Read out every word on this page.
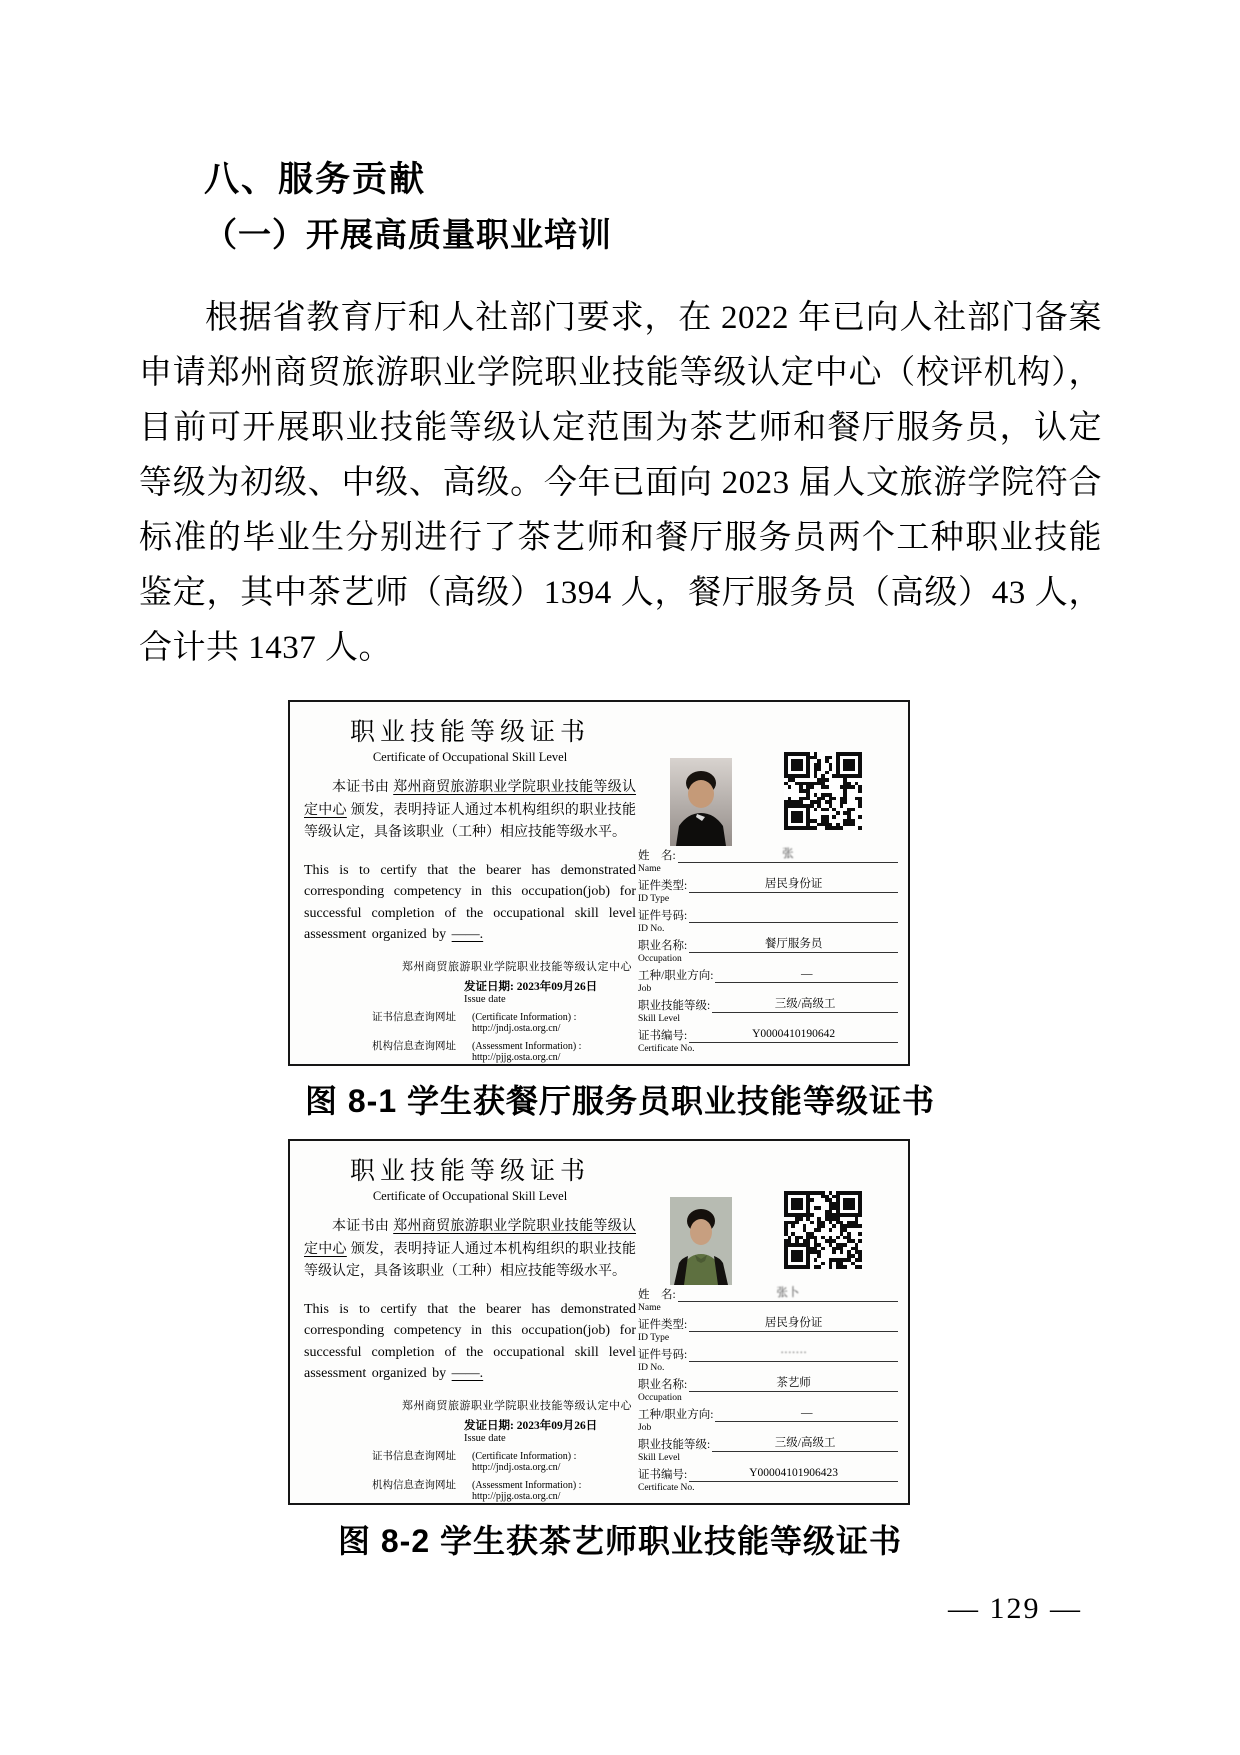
八、服务贡献
（一）开展高质量职业培训

根据省教育厅和人社部门要求，在 2022 年已向人社部门备案申请郑州商贸旅游职业学院职业技能等级认定中心（校评机构），目前可开展职业技能等级认定范围为茶艺师和餐厅服务员，认定等级为初级、中级、高级。今年已面向 2023 届人文旅游学院符合标准的毕业生分别进行了茶艺师和餐厅服务员两个工种职业技能鉴定，其中茶艺师（高级）1394 人，餐厅服务员（高级）43 人，合计共 1437 人。

职业技能等级证书
Certificate of Occupational Skill Level

本证书由 郑州商贸旅游职业学院职业技能等级认定中心 颁发，表明持证人通过本机构组织的职业技能等级认定，具备该职业（工种）相应技能等级水平。

This is to certify that the bearer has demonstrated corresponding competency in this occupation(job) for successful completion of the occupational skill level assessment organized by ——.

郑州商贸旅游职业学院职业技能等级认定中心
发证日期: 2023年09月26日
Issue date
证书信息查询网址	(Certificate Information) : http://jndj.osta.org.cn/
机构信息查询网址	(Assessment Information) : http://pjjg.osta.org.cn/
姓　名:	张
Name
证件类型:	居民身份证
ID Type
证件号码:
ID No.
职业名称:	餐厅服务员
Occupation
工种/职业方向:	—
Job
职业技能等级:	三级/高级工
Skill Level
证书编号:	Y0000410190642
Certificate No.
图 8-1 学生获餐厅服务员职业技能等级证书
职业技能等级证书
Certificate of Occupational Skill Level

本证书由 郑州商贸旅游职业学院职业技能等级认定中心 颁发，表明持证人通过本机构组织的职业技能等级认定，具备该职业（工种）相应技能等级水平。

This is to certify that the bearer has demonstrated corresponding competency in this occupation(job) for successful completion of the occupational skill level assessment organized by ——.

郑州商贸旅游职业学院职业技能等级认定中心
发证日期: 2023年09月26日
Issue date
证书信息查询网址	(Certificate Information) : http://jndj.osta.org.cn/
机构信息查询网址	(Assessment Information) : http://pjjg.osta.org.cn/
姓　名:	张卜
Name
证件类型:	居民身份证
ID Type
证件号码:	·······
ID No.
职业名称:	茶艺师
Occupation
工种/职业方向:	—
Job
职业技能等级:	三级/高级工
Skill Level
证书编号:	Y00004101906423
Certificate No.
图 8-2 学生获茶艺师职业技能等级证书
— 129 —
